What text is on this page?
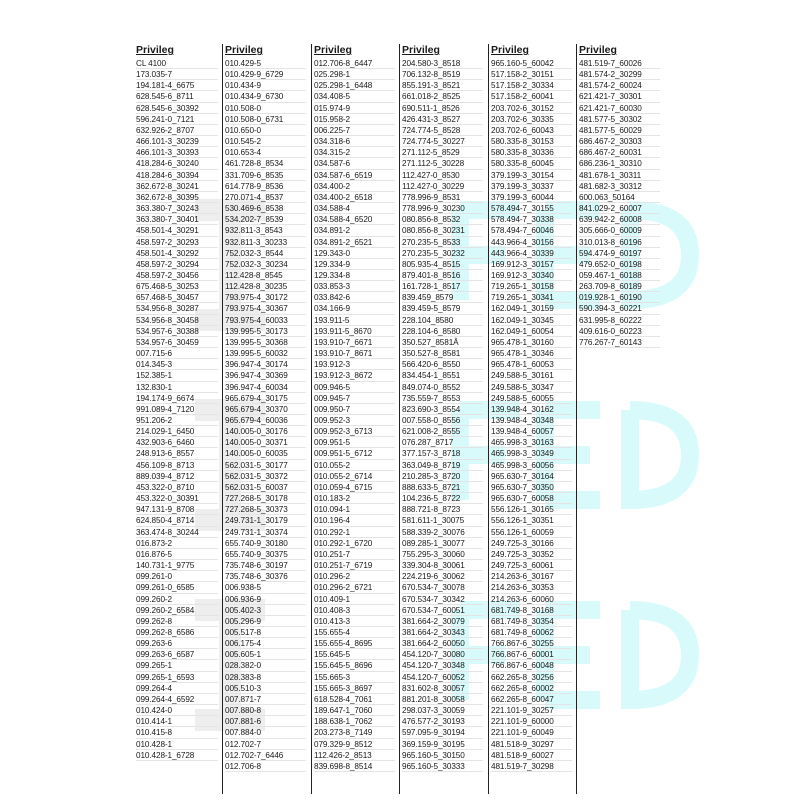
Privileg
CL 4100
173.035-7
194.181-4_6675
628.545-6_8711
628.545-6_30392
596.241-0_7121
632.926-2_8707
466.101-3_30239
466.101-3_30393
418.284-6_30240
418.284-6_30394
362.672-8_30241
362.672-8_30395
363.380-7_30243
363.380-7_30401
458.501-4_30291
458.597-2_30293
458.501-4_30292
458.597-2_30294
458.597-2_30456
675.468-5_30253
657.468-5_30457
534.956-8_30287
534.956-8_30458
534.957-6_30388
534.957-6_30459
007.715-6
014.345-3
152.385-1
132.830-1
194.174-9_6674
991.089-4_7120
951.206-2
214.029-1_6450
432.903-6_6460
248.913-6_8557
456.109-8_8713
889.039-4_8712
453.322-0_8710
453.322-0_30391
947.131-9_8708
624.850-4_8714
363.474-8_30244
016.873-2
016.876-5
140.731-1_9775
099.261-0
099.261-0_6585
099.260-2
099.260-2_6584
099.262-8
099.262-8_6586
099.263-6
099.263-6_6587
099.265-1
099.265-1_6593
099.264-4
099.264-4_6592
010.424-0
010.414-1
010.415-8
010.428-1
010.428-1_6728
Privileg
010.429-5
010.429-9_6729
010.434-9
010.434-9_6730
010.508-0
010.508-0_6731
010.650-0
010.545-2
010.653-4
461.728-8_8534
331.709-6_8535
614.778-9_8536
270.071-4_8537
530.469-6_8538
534.202-7_8539
932.811-3_8543
932.811-3_30233
752.032-3_8544
752.032-3_30234
112.428-8_8545
112.428-8_30235
793.975-4_30172
793.975-4_30367
793.975-4_60033
139.995-5_30173
139.995-5_30368
139.995-5_60032
396.947-4_30174
396.947-4_30369
396.947-4_60034
965.679-4_30175
965.679-4_30370
965.679-4_60036
140.005-0_30176
140.005-0_30371
140.005-0_60035
562.031-5_30177
562.031-5_30372
562.031-5_60037
727.268-5_30178
727.268-5_30373
249.731-1_30179
249.731-1_30374
655.740-9_30180
655.740-9_30375
735.748-6_30197
735.748-6_30376
006.938-5
006.936-9
005.402-3
005.296-9
005.517-8
006.175-4
005.605-1
028.382-0
028.383-8
005.510-3
007.871-7
007.880-8
007.881-6
007.884-0
012.702-7
012.702-7_6446
012.706-8
Privileg
012.706-8_6447
025.298-1
025.298-1_6448
034.408-5
015.974-9
015.958-2
006.225-7
034.318-6
034.315-2
034.587-6
034.587-6_6519
034.400-2
034.400-2_6518
034.588-4
034.588-4_6520
034.891-2
034.891-2_6521
129.343-0
129.334-9
129.334-8
033.853-3
033.842-6
034.166-9
193.911-5
193.911-5_8670
193.910-7_6671
193.910-7_8671
193.912-3
193.912-3_8672
009.946-5
009.945-7
009.950-7
009.952-3
009.952-3_6713
009.951-5
009.951-5_6712
010.055-2
010.055-2_6714
010.059-4_6715
010.183-2
010.094-1
010.196-4
010.292-1
010.292-1_6720
010.251-7
010.251-7_6719
010.296-2
010.296-2_6721
010.409-1
010.408-3
010.413-3
155.655-4
155.655-4_8695
155.645-5
155.645-5_8696
155.665-3
155.665-3_8697
618.528-4_7061
189.647-1_7060
188.638-1_7062
203.273-8_7149
079.329-9_8512
112.426-2_8513
839.698-8_8514
Privileg
204.580-3_8518
706.132-8_8519
855.191-3_8521
661.018-2_8525
690.511-1_8526
426.431-3_8527
724.774-5_8528
724.774-5_30227
271.112-5_8529
271.112-5_30228
112.427-0_8530
112.427-0_30229
778.996-9_8531
778.996-9_30230
080.856-8_8532
080.856-8_30231
270.235-5_8533
270.235-5_30232
805.935-4_8515
879.401-8_8516
161.728-1_8517
839.459_8579
839.459-5_8579
228.104_8580
228.104-6_8580
350.527_8581Â
350.527-8_8581
566.420-6_8550
834.454-1_8551
849.074-0_8552
735.559-7_8553
823.690-3_8554
007.558-0_8556
621.008-2_8555
076.287_8717
377.157-3_8718
363.049-8_8719
210.285-3_8720
888.633-5_8721
104.236-5_8722
888.721-8_8723
581.611-1_30075
588.339-2_30076
089.285-1_30077
755.295-3_30060
339.304-8_30061
224.219-6_30062
670.534-7_30078
670.534-7_30342
670.534-7_60051
381.664-2_30079
381.664-2_30343
381.664-2_60050
454.120-7_30080
454.120-7_30348
454.120-7_60052
831.602-8_30057
881.201-8_30058
298.037-3_30059
476.577-2_30193
597.095-9_30194
369.159-9_30195
965.160-5_30150
965.160-5_30333
Privileg
965.160-5_60042
517.158-2_30151
517.158-2_30334
517.158-2_60041
203.702-6_30152
203.702-6_30335
203.702-6_60043
580.335-8_30153
580.335-8_30336
580.335-8_60045
379.199-3_30154
379.199-3_30337
379.199-3_60044
578.494-7_30155
578.494-7_30338
578.494-7_60046
443.966-4_30156
443.966-4_30339
169.912-3_30157
169.912-3_30340
719.265-1_30158
719.265-1_30341
162.049-1_30159
162.049-1_30345
162.049-1_60054
965.478-1_30160
965.478-1_30346
965.478-1_60053
249.588-5_30161
249.588-5_30347
249.588-5_60055
139.948-4_30162
139.948-4_30348
139.948-4_60057
465.998-3_30163
465.998-3_30349
465.998-3_60056
965.630-7_30164
965.630-7_30350
965.630-7_60058
556.126-1_30165
556.126-1_30351
556.126-1_60059
249.725-3_30166
249.725-3_30352
249.725-3_60061
214.263-6_30167
214.263-6_30353
214.263-6_60060
681.749-8_30168
681.749-8_30354
681.749-8_60062
766.867-6_30255
766.867-6_60001
766.867-6_60048
662.265-8_30256
662.265-8_60002
662.265-8_60047
221.101-9_30257
221.101-9_60000
221.101-9_60049
481.518-9_30297
481.518-9_60027
481.519-7_30298
Privileg
481.519-7_60026
481.574-2_30299
481.574-2_60024
621.421-7_30301
621.421-7_60030
481.577-5_30302
481.577-5_60029
686.467-2_30303
686.467-2_60031
686.236-1_30310
481.678-1_30311
481.682-3_30312
600.063_50164
841.029-2_60007
639.942-2_60008
305.666-0_60009
310.013-8_60196
594.474-9_60197
479.652-0_60198
059.467-1_60188
263.709-8_60189
019.928-1_60190
590.394-3_60221
631.995-8_60222
409.616-0_60223
776.267-7_60143
